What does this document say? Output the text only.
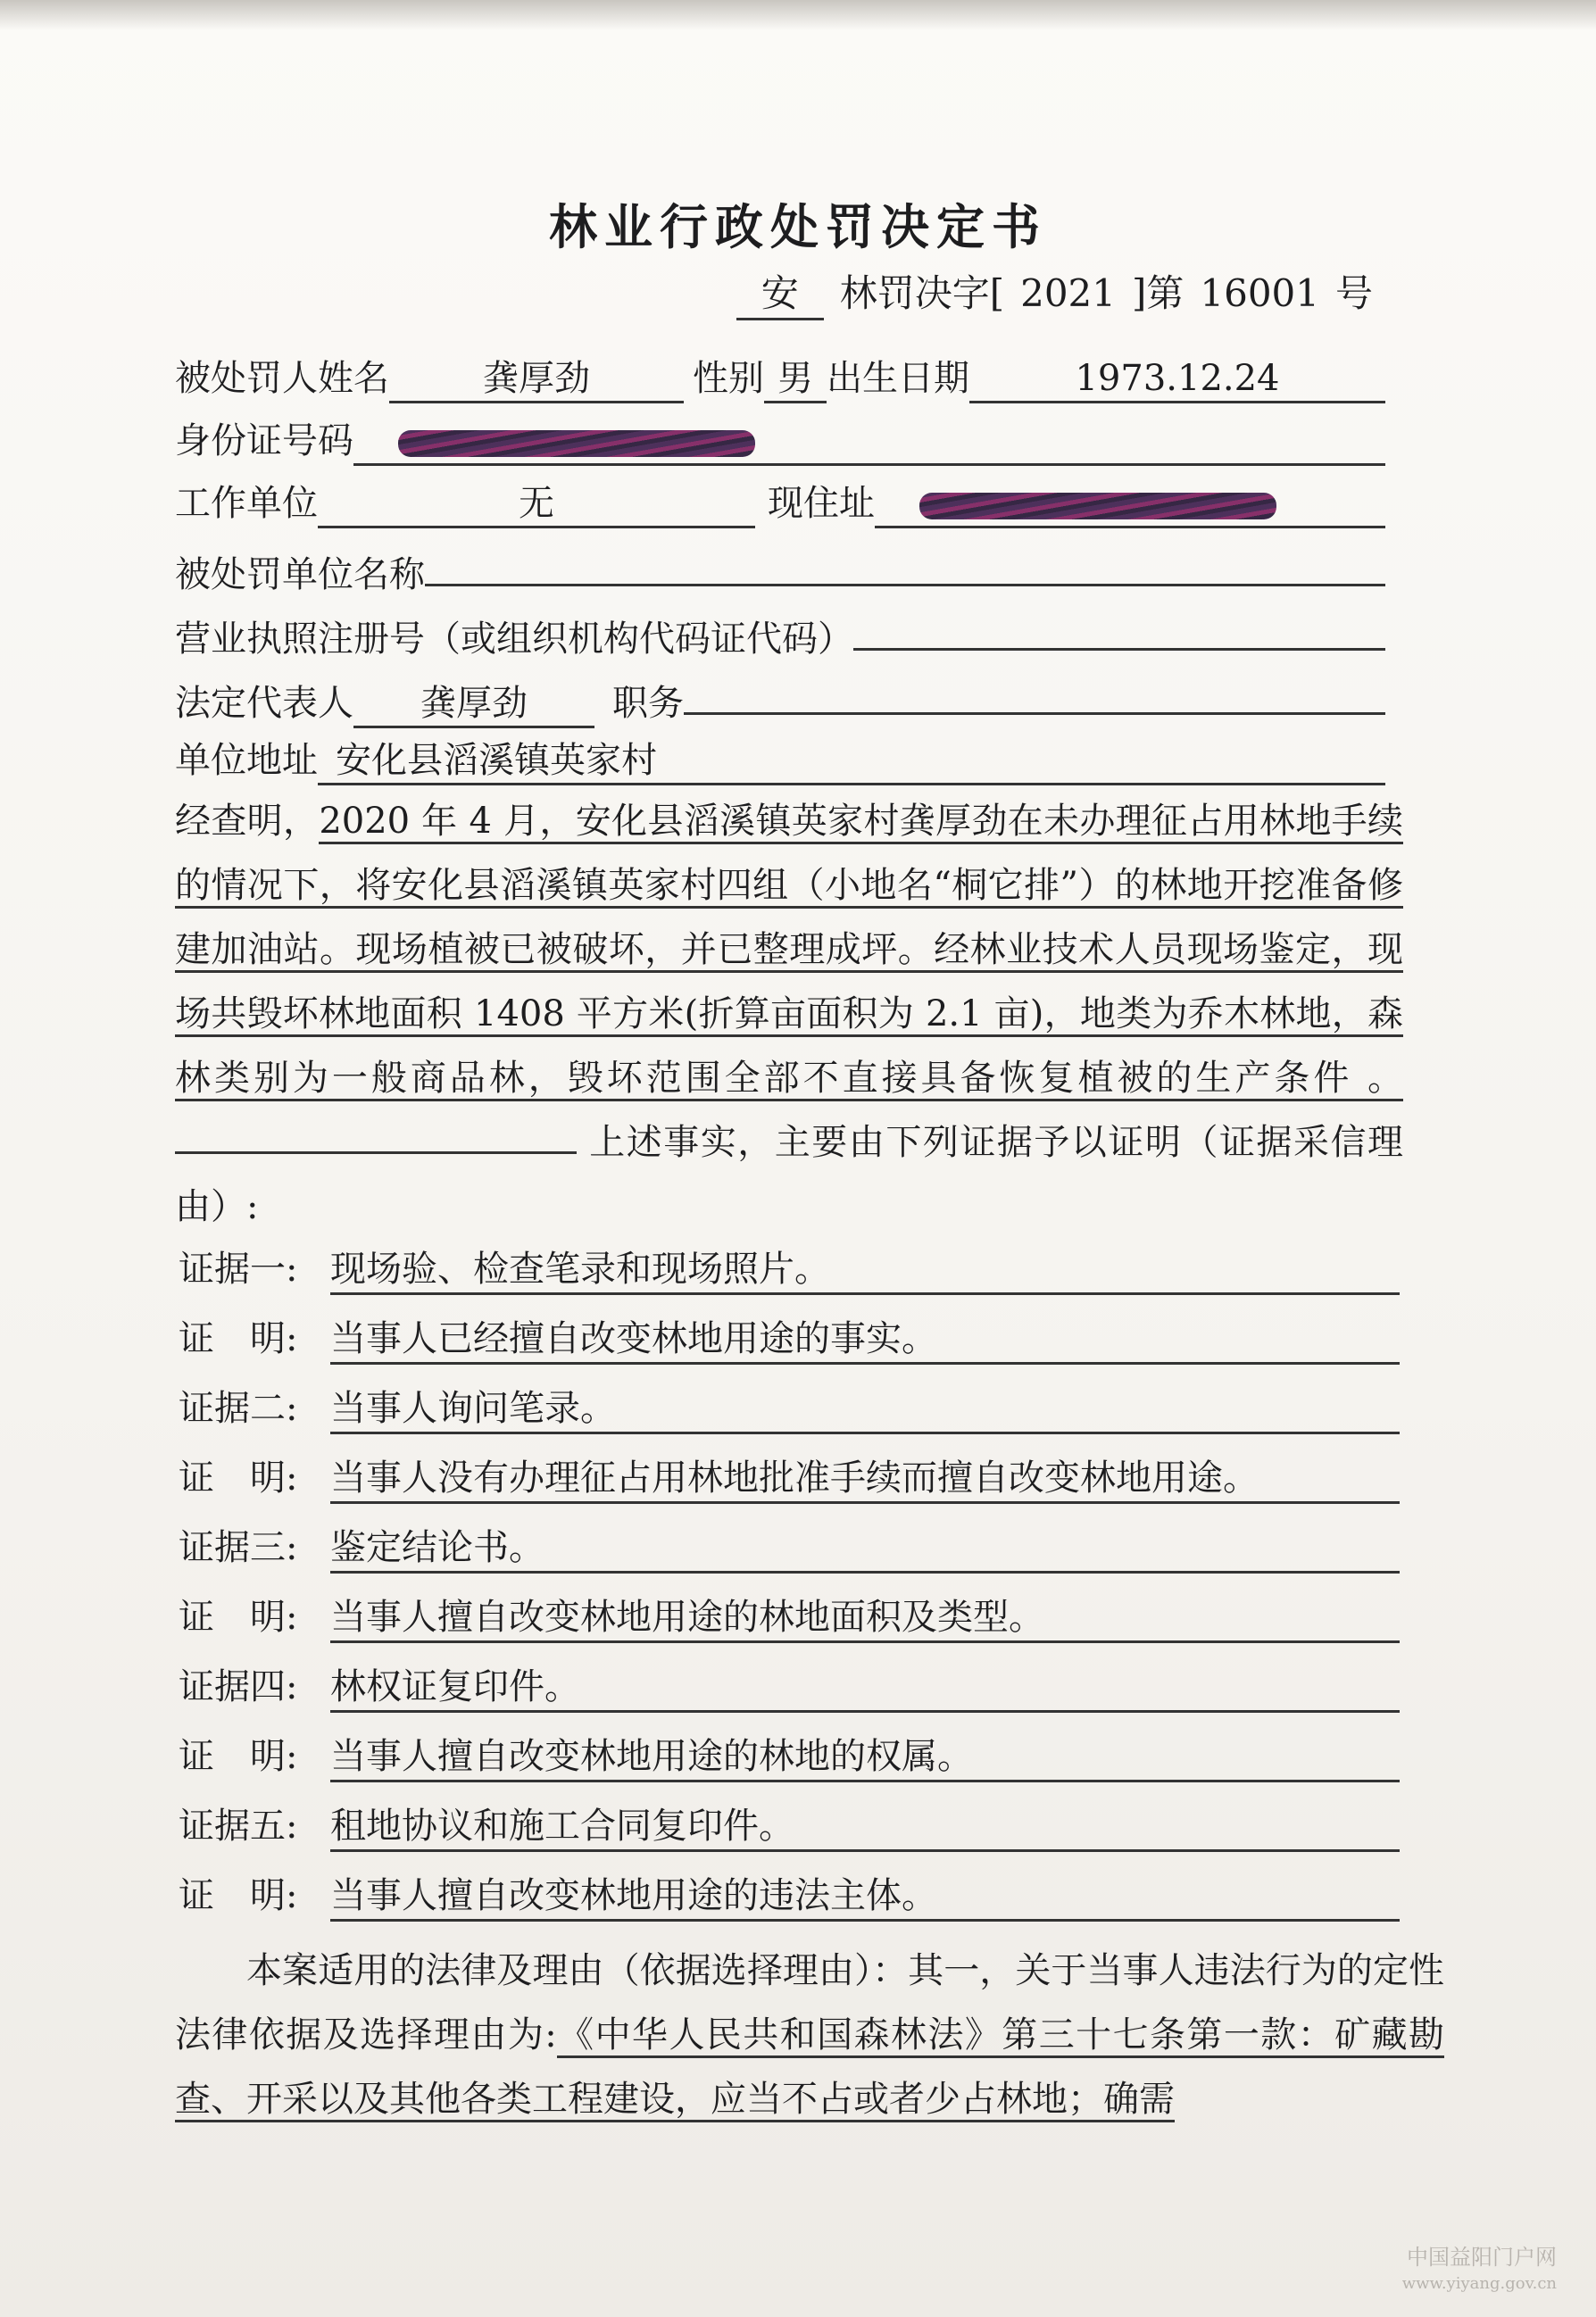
林业行政处罚决定书
安	林罚决字[ 2021 ]第 16001 号
被处罚人姓名	龚厚劲	性别 男 出生日期	1973.12.24
身份证号码
工作单位	无	现住址
被处罚单位名称
营业执照注册号（或组织机构代码证代码）
法定代表人	龚厚劲	职务
单位地址 安化县滔溪镇英家村
经查明，2020 年 4 月，安化县滔溪镇英家村龚厚劲在未办理征占用林地手续的情况下，将安化县滔溪镇英家村四组（小地名“桐它排”）的林地开挖准备修建加油站。现场植被已被破坏，并已整理成坪。经林业技术人员现场鉴定，现场共毁坏林地面积 1408 平方米(折算亩面积为 2.1 亩)，地类为乔木林地，森林类别为一般商品林，毁坏范围全部不直接具备恢复植被的生产条件 。 上述事实，主要由下列证据予以证明（证据采信理由）:
证据一: 现场验、检查笔录和现场照片。
证　明: 当事人已经擅自改变林地用途的事实。
证据二: 当事人询问笔录。
证　明: 当事人没有办理征占用林地批准手续而擅自改变林地用途。
证据三: 鉴定结论书。
证　明: 当事人擅自改变林地用途的林地面积及类型。
证据四: 林权证复印件。
证　明: 当事人擅自改变林地用途的林地的权属。
证据五: 租地协议和施工合同复印件。
证　明: 当事人擅自改变林地用途的违法主体。
本案适用的法律及理由（依据选择理由）：其一，关于当事人违法行为的定性法律依据及选择理由为:《中华人民共和国森林法》第三十七条第一款：矿藏勘查、开采以及其他各类工程建设，应当不占或者少占林地；确需
中国益阳门户网
www.yiyang.gov.cn
